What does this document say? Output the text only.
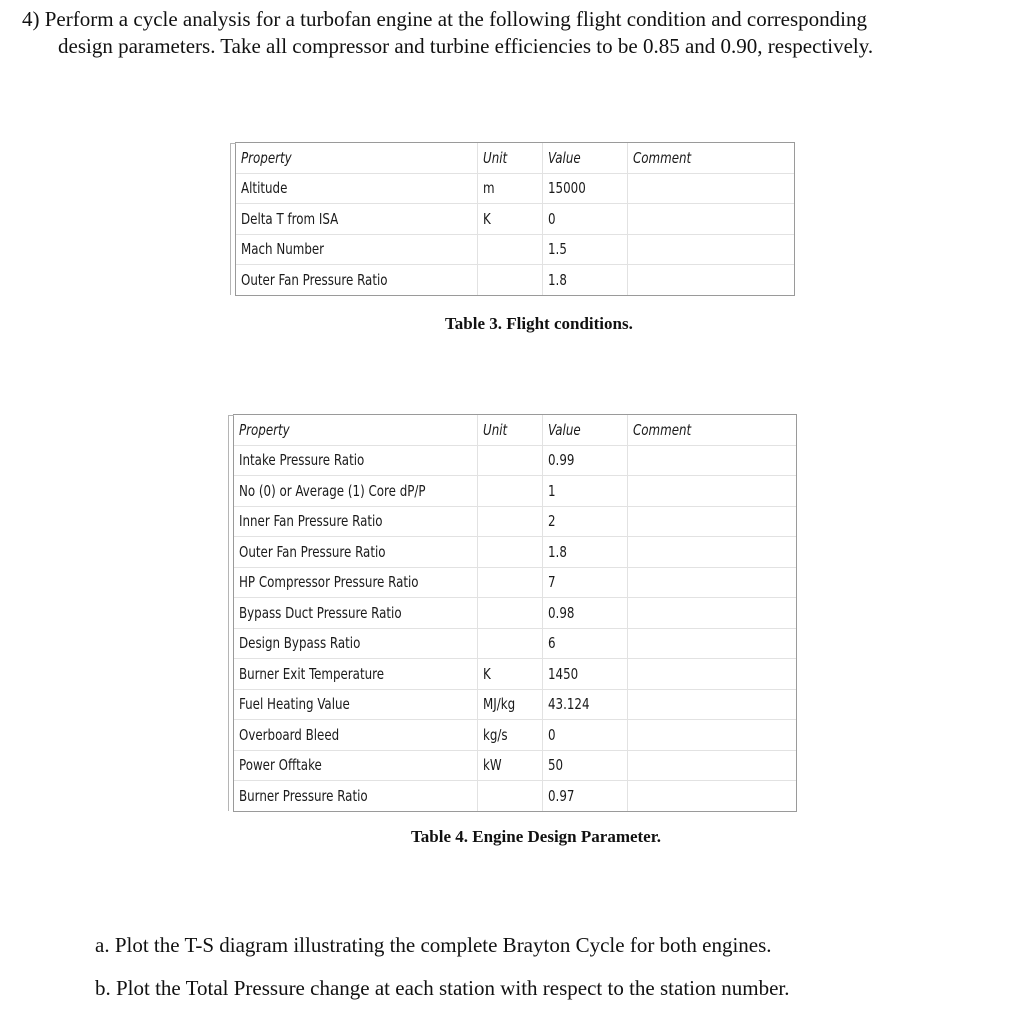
4) Perform a cycle analysis for a turbofan engine at the following flight condition and corresponding
design parameters. Take all compressor and turbine efficiencies to be 0.85 and 0.90, respectively.
Property	Unit	Value	Comment
Altitude	m	15000	
Delta T from ISA	K	0	
Mach Number		1.5	
Outer Fan Pressure Ratio		1.8	
Table 3. Flight conditions.
Property	Unit	Value	Comment
Intake Pressure Ratio		0.99	
No (0) or Average (1) Core dP/P		1	
Inner Fan Pressure Ratio		2	
Outer Fan Pressure Ratio		1.8	
HP Compressor Pressure Ratio		7	
Bypass Duct Pressure Ratio		0.98	
Design Bypass Ratio		6	
Burner Exit Temperature	K	1450	
Fuel Heating Value	MJ/kg	43.124	
Overboard Bleed	kg/s	0	
Power Offtake	kW	50	
Burner Pressure Ratio		0.97	
Table 4. Engine Design Parameter.
a. Plot the T-S diagram illustrating the complete Brayton Cycle for both engines.
b. Plot the Total Pressure change at each station with respect to the station number.
